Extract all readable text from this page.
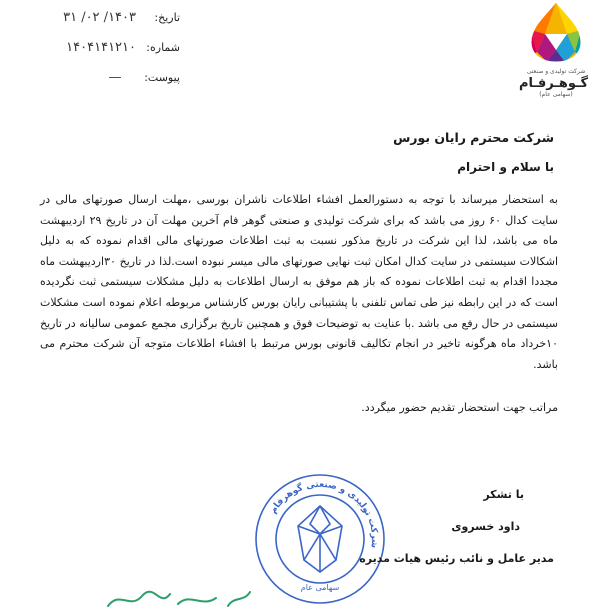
تاریخ:
۱۴۰۳/ ۰۲/ ۳۱
شماره:
۱۴۰۴۱۴۱۲۱۰
پیوست:
—	شرکت تولیدی و صنعتی
گـوهـرفـام
(سهامی عام)
شرکت محترم رایان بورس
با سلام و احترام
به استحضار میرساند با توجه به دستورالعمل افشاء اطلاعات ناشران بورسی ،مهلت ارسال صورتهای مالی در سایت کدال ۶۰ روز می باشد که برای شرکت تولیدی و صنعتی گوهر فام آخرین مهلت آن در تاریخ ۲۹ اردیبهشت ماه می باشد، لذا این شرکت در تاریخ مذکور نسبت به ثبت اطلاعات صورتهای مالی اقدام نموده که به دلیل اشکالات سیستمی در سایت کدال امکان ثبت نهایی صورتهای مالی میسر نبوده است.لذا در تاریخ ۳۰اردیبهشت ماه مجددا اقدام به ثبت اطلاعات نموده که باز هم موفق به ارسال اطلاعات به دلیل مشکلات سیستمی ثبت نگردیده است که در این رابطه نیز طی تماس تلفنی با پشتیبانی رایان بورس کارشناس مربوطه اعلام نموده است مشکلات سیستمی در حال رفع می باشد .با عنایت به توضیحات فوق و همچنین تاریخ برگزاری مجمع عمومی سالیانه در تاریخ ۱۰خرداد ماه هرگونه تاخیر در انجام تکالیف قانونی بورس مرتبط با افشاء اطلاعات متوجه آن شرکت محترم می باشد.
مراتب جهت استحضار تقدیم حضور میگردد.
شرکت تولیدی و صنعتی گوهرفام
سهامی عام
با تشکر
داود خسروی
مدیر عامل و نائب رئیس هیات مدیره
